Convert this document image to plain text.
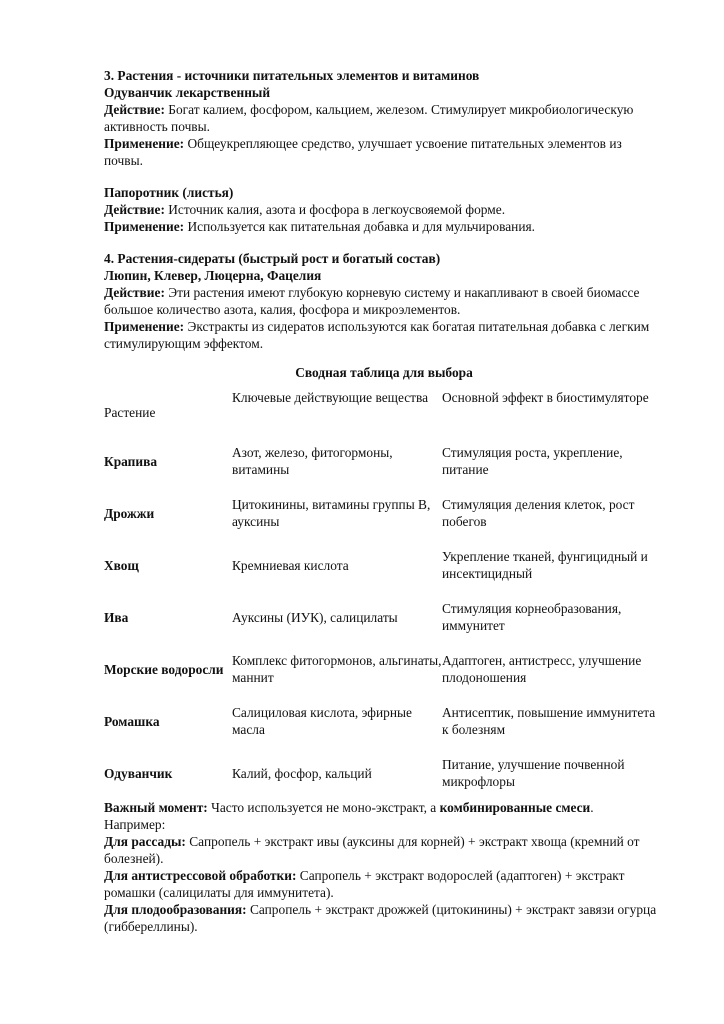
3. Растения - источники питательных элементов и витаминов
Одуванчик лекарственный
Действие: Богат калием, фосфором, кальцием, железом. Стимулирует микробиологическую активность почвы.
Применение: Общеукрепляющее средство, улучшает усвоение питательных элементов из почвы.
Папоротник (листья)
Действие: Источник калия, азота и фосфора в легкоусвояемой форме.
Применение: Используется как питательная добавка и для мульчирования.
4. Растения-сидераты (быстрый рост и богатый состав)
Люпин, Клевер, Люцерна, Фацелия
Действие: Эти растения имеют глубокую корневую систему и накапливают в своей биомассе большое количество азота, калия, фосфора и микроэлементов.
Применение: Экстракты из сидератов используются как богатая питательная добавка с легким стимулирующим эффектом.
Сводная таблица для выбора
Растение	Ключевые действующие вещества	Основной эффект в биостимуляторе
Крапива	Азот, железо, фитогормоны, витамины	Стимуляция роста, укрепление, питание
Дрожжи	Цитокинины, витамины группы В, ауксины	Стимуляция деления клеток, рост побегов
Хвощ	Кремниевая кислота	Укрепление тканей, фунгицидный и инсектицидный
Ива	Ауксины (ИУК), салицилаты	Стимуляция корнеобразования, иммунитет
Морские водоросли	Комплекс фитогормонов, альгинаты, маннит	Адаптоген, антистресс, улучшение плодоношения
Ромашка	Салициловая кислота, эфирные масла	Антисептик, повышение иммунитета к болезням
Одуванчик	Калий, фосфор, кальций	Питание, улучшение почвенной микрофлоры

Важный момент: Часто используется не моно-экстракт, а комбинированные смеси.

Например:

Для рассады: Сапропель + экстракт ивы (ауксины для корней) + экстракт хвоща (кремний от болезней).

Для антистрессовой обработки: Сапропель + экстракт водорослей (адаптоген) + экстракт ромашки (салицилаты для иммунитета).

Для плодообразования: Сапропель + экстракт дрожжей (цитокинины) + экстракт завязи огурца (гиббереллины).
